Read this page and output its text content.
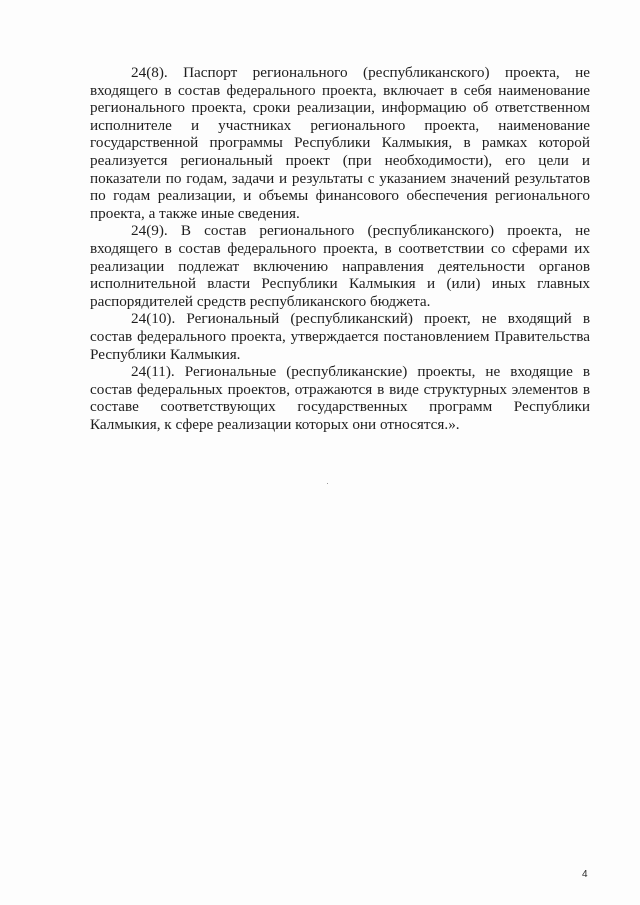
24(8). Паспорт регионального (республиканского) проекта, не входящего в состав федерального проекта, включает в себя наименование регионального проекта, сроки реализации, информацию об ответственном исполнителе и участниках регионального проекта, наименование государственной программы Республики Калмыкия, в рамках которой реализуется региональный проект (при необходимости), его цели и показатели по годам, задачи и результаты с указанием значений результатов по годам реализации, и объемы финансового обеспечения регионального проекта, а также иные сведения.

24(9). В состав регионального (республиканского) проекта, не входящего в состав федерального проекта, в соответствии со сферами их реализации подлежат включению направления деятельности органов исполнительной власти Республики Калмыкия и (или) иных главных распорядителей средств республиканского бюджета.

24(10). Региональный (республиканский) проект, не входящий в состав федерального проекта, утверждается постановлением Правительства Республики Калмыкия.

24(11). Региональные (республиканские) проекты, не входящие в состав федеральных проектов, отражаются в виде структурных элементов в составе соответствующих государственных программ Республики Калмыкия, к сфере реализации которых они относятся.».

4
